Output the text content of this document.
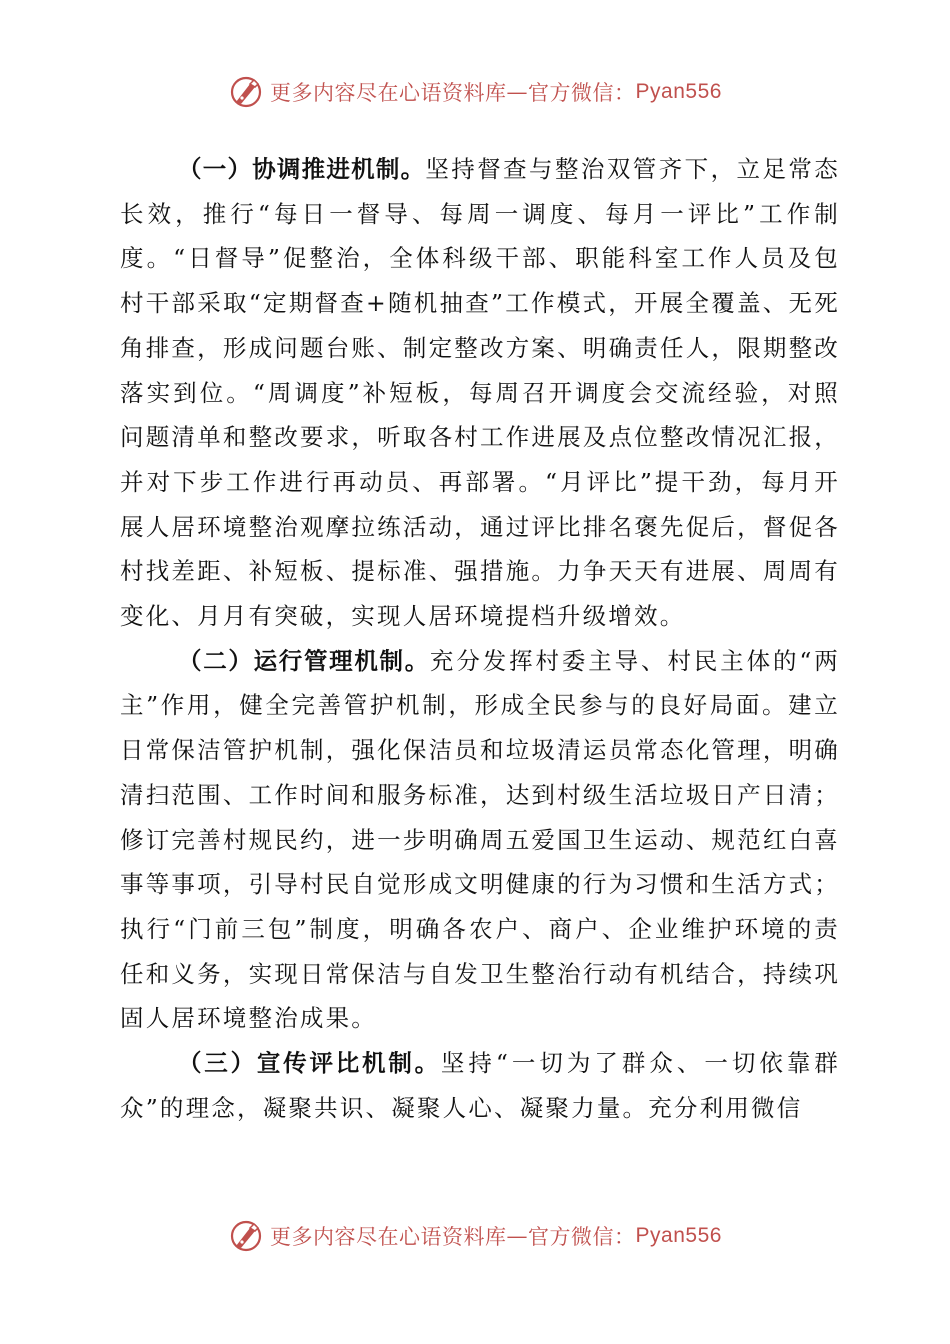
更多内容尽在心语资料库 — 官方微信： Pyan556

（一）协调推进机制。坚持督查与整治双管齐下，立足常态长效，推行“每日一督导、每周一调度、每月一评比”工作制度。“日督导”促整治，全体科级干部、职能科室工作人员及包村干部采取“定期督查+随机抽查”工作模式，开展全覆盖、无死角排查，形成问题台账、制定整改方案、明确责任人，限期整改落实到位。“周调度”补短板，每周召开调度会交流经验，对照问题清单和整改要求，听取各村工作进展及点位整改情况汇报，并对下步工作进行再动员、再部署。“月评比”提干劲，每月开展人居环境整治观摩拉练活动，通过评比排名褒先促后，督促各村找差距、补短板、提标准、强措施。力争天天有进展、周周有变化、月月有突破，实现人居环境提档升级增效。

（二）运行管理机制。充分发挥村委主导、村民主体的“两主”作用，健全完善管护机制，形成全民参与的良好局面。建立日常保洁管护机制，强化保洁员和垃圾清运员常态化管理，明确清扫范围、工作时间和服务标准，达到村级生活垃圾日产日清；修订完善村规民约，进一步明确周五爱国卫生运动、规范红白喜事等事项，引导村民自觉形成文明健康的行为习惯和生活方式；执行“门前三包”制度，明确各农户、商户、企业维护环境的责任和义务，实现日常保洁与自发卫生整治行动有机结合，持续巩固人居环境整治成果。

（三）宣传评比机制。坚持“一切为了群众、一切依靠群众”的理念，凝聚共识、凝聚人心、凝聚力量。充分利用微信

更多内容尽在心语资料库 — 官方微信： Pyan556
